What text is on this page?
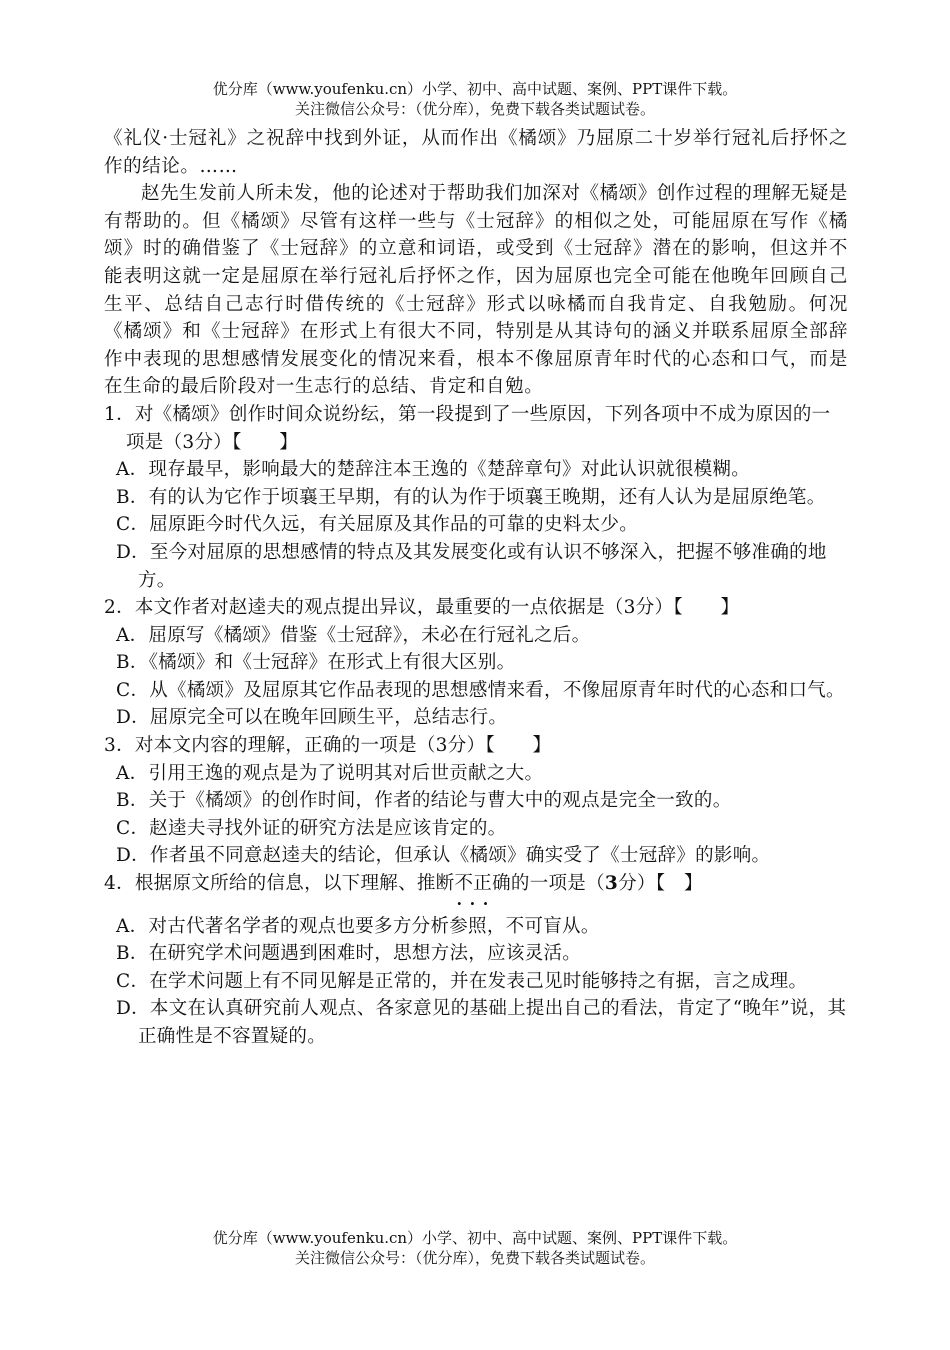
优分库（www.youfenku.cn）小学、初中、高中试题、案例、PPT课件下载。
关注微信公众号：（优分库），免费下载各类试题试卷。

《礼仪·士冠礼》之祝辞中找到外证，从而作出《橘颂》乃屈原二十岁举行冠礼后抒怀之作的结论。……

赵先生发前人所未发，他的论述对于帮助我们加深对《橘颂》创作过程的理解无疑是有帮助的。但《橘颂》尽管有这样一些与《士冠辞》的相似之处，可能屈原在写作《橘颂》时的确借鉴了《士冠辞》的立意和词语，或受到《士冠辞》潜在的影响，但这并不能表明这就一定是屈原在举行冠礼后抒怀之作，因为屈原也完全可能在他晚年回顾自己生平、总结自己志行时借传统的《士冠辞》形式以咏橘而自我肯定、自我勉励。何况《橘颂》和《士冠辞》在形式上有很大不同，特别是从其诗句的涵义并联系屈原全部辞作中表现的思想感情发展变化的情况来看，根本不像屈原青年时代的心态和口气，而是在生命的最后阶段对一生志行的总结、肯定和自勉。

1．对《橘颂》创作时间众说纷纭，第一段提到了一些原因，下列各项中不成为原因的一项是（3分）【　　】

A．现存最早，影响最大的楚辞注本王逸的《楚辞章句》对此认识就很模糊。

B．有的认为它作于顷襄王早期，有的认为作于顷襄王晚期，还有人认为是屈原绝笔。

C．屈原距今时代久远，有关屈原及其作品的可靠的史料太少。

D．至今对屈原的思想感情的特点及其发展变化或有认识不够深入，把握不够准确的地方。

2．本文作者对赵逵夫的观点提出异议，最重要的一点依据是（3分）【　　】

A．屈原写《橘颂》借鉴《士冠辞》，未必在行冠礼之后。

B．《橘颂》和《士冠辞》在形式上有很大区别。

C．从《橘颂》及屈原其它作品表现的思想感情来看，不像屈原青年时代的心态和口气。

D．屈原完全可以在晚年回顾生平，总结志行。

3．对本文内容的理解，正确的一项是（3分）【　　】

A．引用王逸的观点是为了说明其对后世贡献之大。

B．关于《橘颂》的创作时间，作者的结论与曹大中的观点是完全一致的。

C．赵逵夫寻找外证的研究方法是应该肯定的。

D．作者虽不同意赵逵夫的结论，但承认《橘颂》确实受了《士冠辞》的影响。

4．根据原文所给的信息，以下理解、推断不正确 · · ·的一项是（3分）【　】

A．对古代著名学者的观点也要多方分析参照，不可盲从。

B．在研究学术问题遇到困难时，思想方法，应该灵活。

C．在学术问题上有不同见解是正常的，并在发表己见时能够持之有据，言之成理。

D．本文在认真研究前人观点、各家意见的基础上提出自己的看法，肯定了“晚年”说，其正确性是不容置疑的。

优分库（www.youfenku.cn）小学、初中、高中试题、案例、PPT课件下载。
关注微信公众号：（优分库），免费下载各类试题试卷。
